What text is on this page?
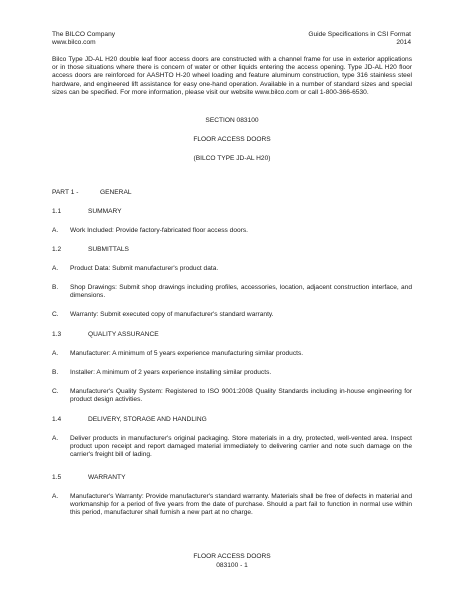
The BILCO Company
www.bilco.com
Guide Specifications in CSI Format
2014
Bilco Type JD-AL H20 double leaf floor access doors are constructed with a channel frame for use in exterior applications or in those situations where there is concern of water or other liquids entering the access opening. Type JD-AL H20 floor access doors are reinforced for AASHTO H-20 wheel loading and feature aluminum construction, type 316 stainless steel hardware, and engineered lift assistance for easy one-hand operation. Available in a number of standard sizes and special sizes can be specified. For more information, please visit our website www.bilco.com or call 1-800-366-6530.
SECTION 083100
FLOOR ACCESS DOORS
(BILCO TYPE JD-AL H20)
PART 1 -	GENERAL
1.1	SUMMARY
A. Work Included: Provide factory-fabricated floor access doors.
1.2	SUBMITTALS
A. Product Data: Submit manufacturer's product data.
B. Shop Drawings: Submit shop drawings including profiles, accessories, location, adjacent construction interface, and dimensions.
C. Warranty: Submit executed copy of manufacturer's standard warranty.
1.3	QUALITY ASSURANCE
A. Manufacturer: A minimum of 5 years experience manufacturing similar products.
B. Installer: A minimum of 2 years experience installing similar products.
C. Manufacturer's Quality System: Registered to ISO 9001:2008 Quality Standards including in-house engineering for product design activities.
1.4	DELIVERY, STORAGE AND HANDLING
A. Deliver products in manufacturer's original packaging. Store materials in a dry, protected, well-vented area. Inspect product upon receipt and report damaged material immediately to delivering carrier and note such damage on the carrier's freight bill of lading.
1.5	WARRANTY
A. Manufacturer's Warranty: Provide manufacturer's standard warranty. Materials shall be free of defects in material and workmanship for a period of five years from the date of purchase. Should a part fail to function in normal use within this period, manufacturer shall furnish a new part at no charge.
FLOOR ACCESS DOORS
083100 - 1
